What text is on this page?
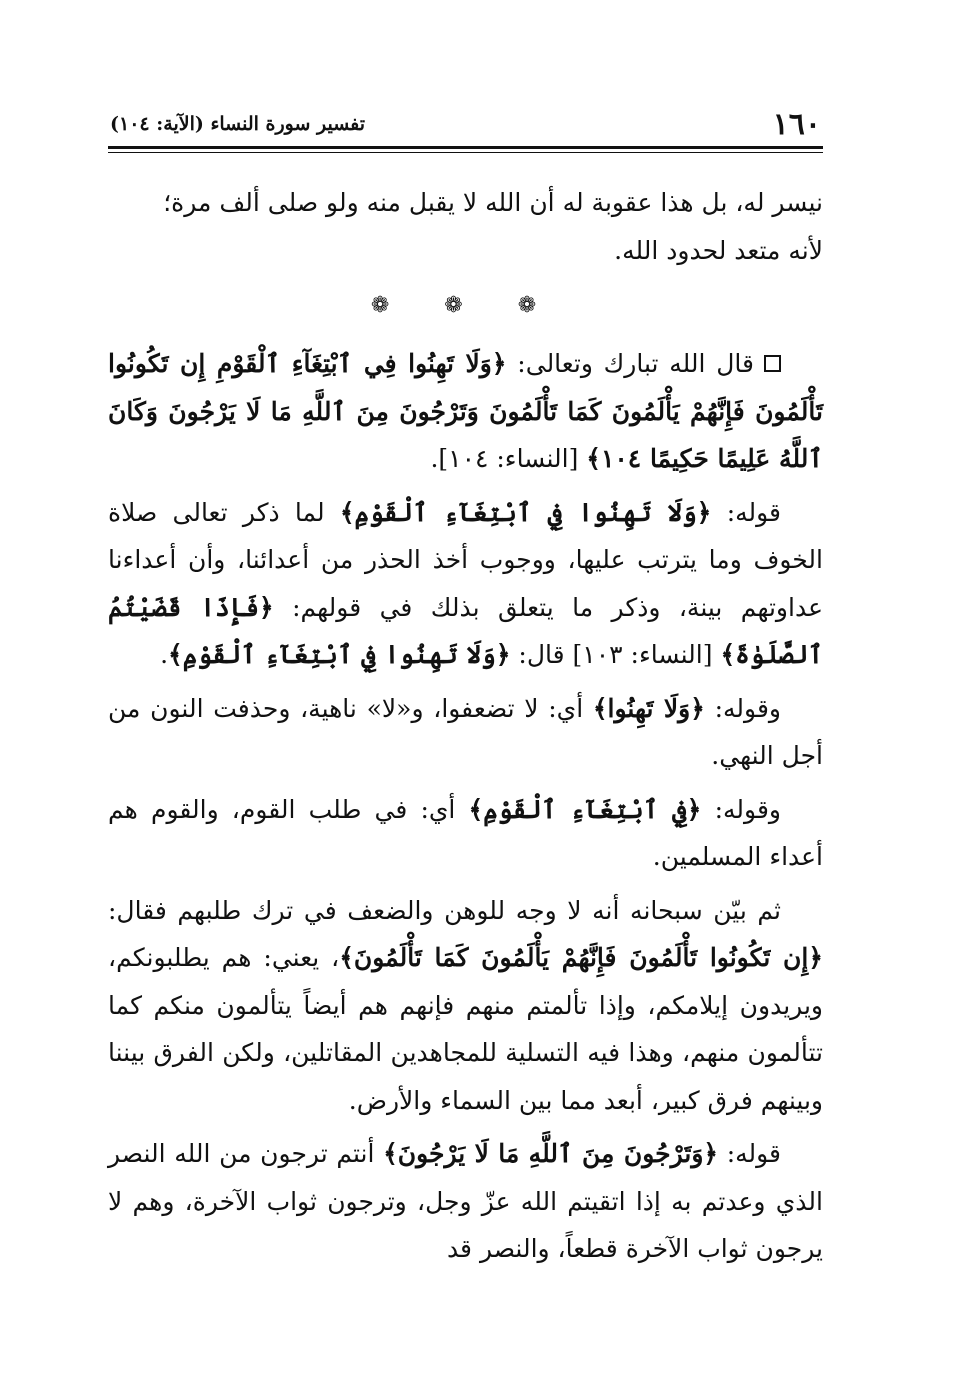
١٦٠
تفسير سورة النساء (الآية: ١٠٤)

نيسر له، بل هذا عقوبة له أن الله لا يقبل منه ولو صلى ألف مرة؛
لأنه متعد لحدود الله.

❁ ❁ ❁

قال الله تبارك وتعالى: ﴿وَلَا تَهِنُوا فِي ٱبْتِغَآءِ ٱلْقَوْمِ إِن تَكُونُوا تَأْلَمُونَ فَإِنَّهُمْ يَأْلَمُونَ كَمَا تَأْلَمُونَ وَتَرْجُونَ مِنَ ٱللَّهِ مَا لَا يَرْجُونَ وَكَانَ ٱللَّهُ عَلِيمًا حَكِيمًا ١٠٤﴾ [النساء: ١٠٤].

قوله: ﴿وَلَا تَهِنُوا فِي ٱبْتِغَآءِ ٱلْقَوْمِ﴾ لما ذكر تعالى صلاة الخوف وما يترتب عليها، ووجوب أخذ الحذر من أعدائنا، وأن أعداءنا عداوتهم بينة، وذكر ما يتعلق بذلك في قولهم: ﴿فَإِذَا قَضَيْتُمُ ٱلصَّلَوٰةَ﴾ [النساء: ١٠٣] قال: ﴿وَلَا تَهِنُوا فِي ٱبْتِغَآءِ ٱلْقَوْمِ﴾.

وقوله: ﴿وَلَا تَهِنُوا﴾ أي: لا تضعفوا، و«لا» ناهية، وحذفت النون من أجل النهي.

وقوله: ﴿فِي ٱبْتِغَآءِ ٱلْقَوْمِ﴾ أي: في طلب القوم، والقوم هم أعداء المسلمين.

ثم بيّن سبحانه أنه لا وجه للوهن والضعف في ترك طلبهم فقال: ﴿إِن تَكُونُوا تَأْلَمُونَ فَإِنَّهُمْ يَأْلَمُونَ كَمَا تَأْلَمُونَ﴾، يعني: هم يطلبونكم، ويريدون إيلامكم، وإذا تألمتم منهم فإنهم هم أيضاً يتألمون منكم كما تتألمون منهم، وهذا فيه التسلية للمجاهدين المقاتلين، ولكن الفرق بيننا وبينهم فرق كبير، أبعد مما بين السماء والأرض.

قوله: ﴿وَتَرْجُونَ مِنَ ٱللَّهِ مَا لَا يَرْجُونَ﴾ أنتم ترجون من الله النصر الذي وعدتم به إذا اتقيتم الله عزّ وجل، وترجون ثواب الآخرة، وهم لا يرجون ثواب الآخرة قطعاً، والنصر قد
